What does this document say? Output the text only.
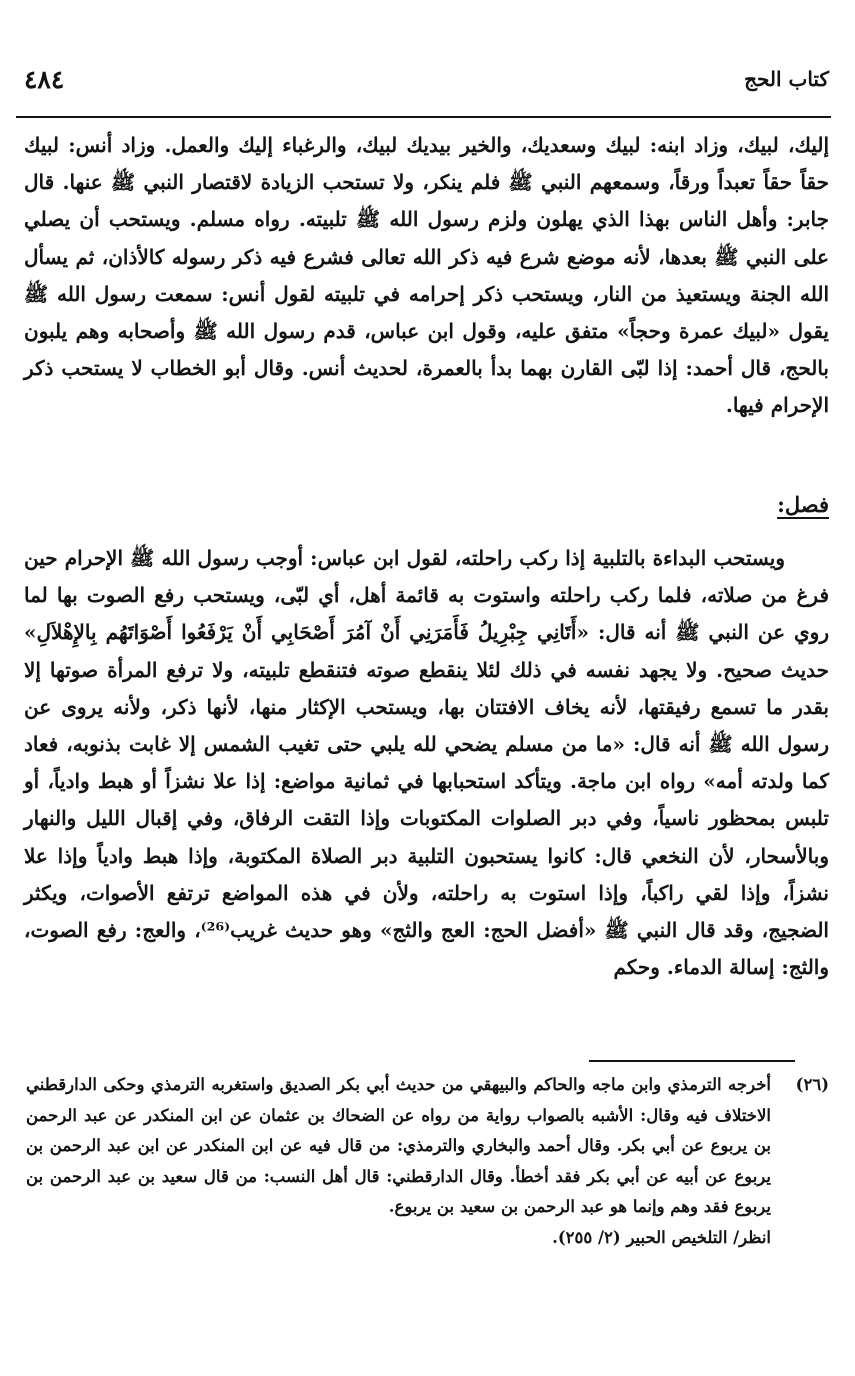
كتاب الحج
٤٨٤

إليك، لبيك، وزاد ابنه: لبيك وسعديك، والخير بيديك لبيك، والرغباء إليك والعمل. وزاد أنس: لبيك حقاً حقاً تعبداً ورقاً، وسمعهم النبي ﷺ فلم ينكر، ولا تستحب الزيادة لاقتصار النبي ﷺ عنها. قال جابر: وأهل الناس بهذا الذي يهلون ولزم رسول الله ﷺ تلبيته. رواه مسلم. ويستحب أن يصلي على النبي ﷺ بعدها، لأنه موضع شرع فيه ذكر الله تعالى فشرع فيه ذكر رسوله كالأذان، ثم يسأل الله الجنة ويستعيذ من النار، ويستحب ذكر إحرامه في تلبيته لقول أنس: سمعت رسول الله ﷺ يقول «لبيك عمرة وحجاً» متفق عليه، وقول ابن عباس، قدم رسول الله ﷺ وأصحابه وهم يلبون بالحج، قال أحمد: إذا لبّى القارن بهما بدأ بالعمرة، لحديث أنس. وقال أبو الخطاب لا يستحب ذكر الإحرام فيها.

فصل:

ويستحب البداءة بالتلبية إذا ركب راحلته، لقول ابن عباس: أوجب رسول الله ﷺ الإحرام حين فرغ من صلاته، فلما ركب راحلته واستوت به قائمة أهل، أي لبّى، ويستحب رفع الصوت بها لما روي عن النبي ﷺ أنه قال: «أَتَانِي جِبْرِيلُ فَأَمَرَنِي أَنْ آمُرَ أَصْحَابِي أَنْ يَرْفَعُوا أَصْوَاتَهُم بِالإِهْلاَلِ» حديث صحيح. ولا يجهد نفسه في ذلك لئلا ينقطع صوته فتنقطع تلبيته، ولا ترفع المرأة صوتها إلا بقدر ما تسمع رفيقتها، لأنه يخاف الافتتان بها، ويستحب الإكثار منها، لأنها ذكر، ولأنه يروى عن رسول الله ﷺ أنه قال: «ما من مسلم يضحي لله يلبي حتى تغيب الشمس إلا غابت بذنوبه، فعاد كما ولدته أمه» رواه ابن ماجة. ويتأكد استحبابها في ثمانية مواضع: إذا علا نشزاً أو هبط وادياً، أو تلبس بمحظور ناسياً، وفي دبر الصلوات المكتوبات وإذا التقت الرفاق، وفي إقبال الليل والنهار وبالأسحار، لأن النخعي قال: كانوا يستحبون التلبية دبر الصلاة المكتوبة، وإذا هبط وادياً وإذا علا نشزاً، وإذا لقي راكباً، وإذا استوت به راحلته، ولأن في هذه المواضع ترتفع الأصوات، ويكثر الضجيج، وقد قال النبي ﷺ «أفضل الحج: العج والثج» وهو حديث غريب⁽²⁶⁾، والعج: رفع الصوت، والثج: إسالة الدماء. وحكم

(٢٦)

أخرجه الترمذي وابن ماجه والحاكم والبيهقي من حديث أبي بكر الصديق واستغربه الترمذي وحكى الدارقطني الاختلاف فيه وقال: الأشبه بالصواب رواية من رواه عن الضحاك بن عثمان عن ابن المنكدر عن عبد الرحمن بن يربوع عن أبي بكر. وقال أحمد والبخاري والترمذي: من قال فيه عن ابن المنكدر عن ابن عبد الرحمن بن يربوع عن أبيه عن أبي بكر فقد أخطأ. وقال الدارقطني: قال أهل النسب: من قال سعيد بن عبد الرحمن بن يربوع فقد وهم وإنما هو عبد الرحمن بن سعيد بن يربوع.

انظر/ التلخيص الحبير (٢/ ٢٥٥).
